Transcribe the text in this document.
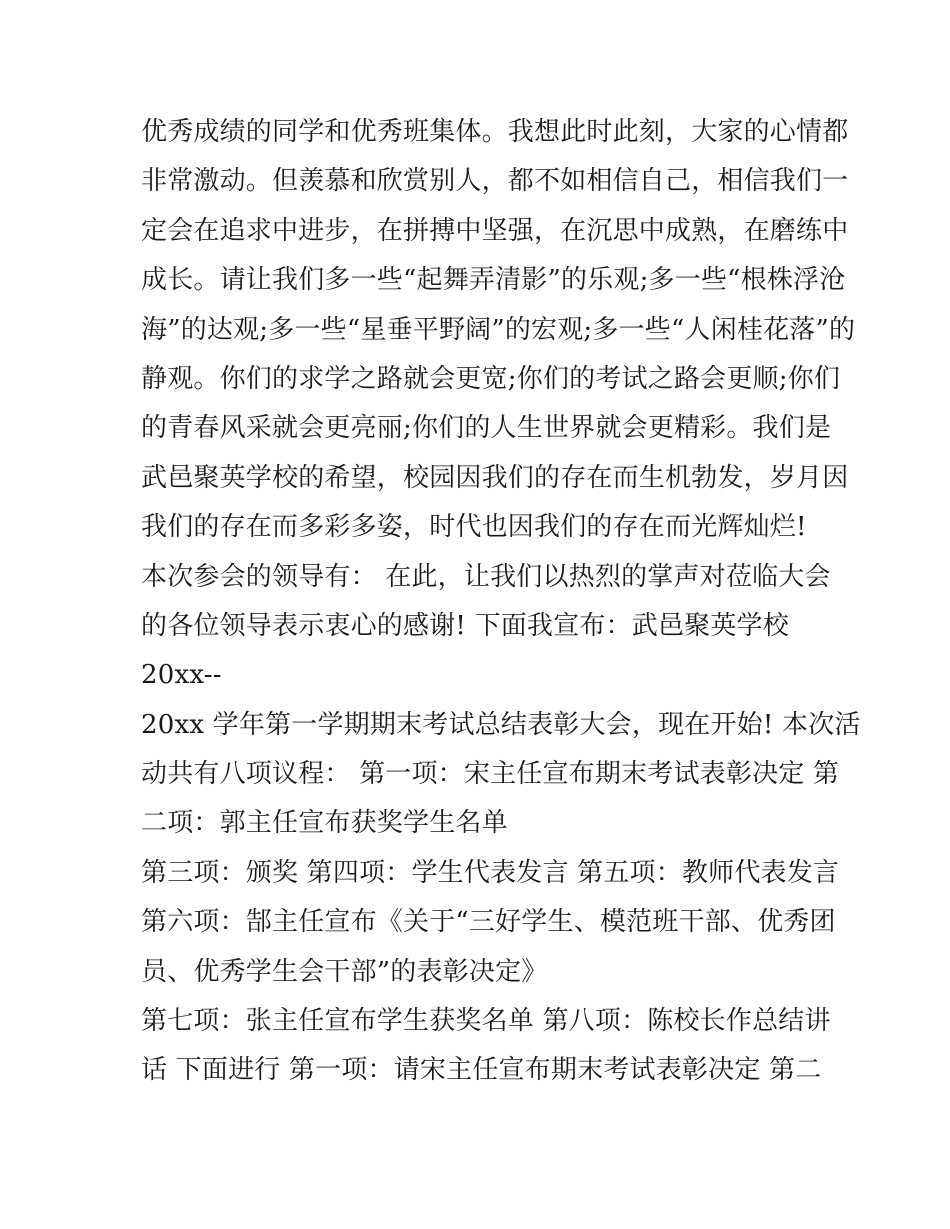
优秀成绩的同学和优秀班集体。我想此时此刻，大家的心情都
非常激动。但羡慕和欣赏别人，都不如相信自己，相信我们一
定会在追求中进步，在拼搏中坚强，在沉思中成熟，在磨练中
成长。请让我们多一些“起舞弄清影”的乐观;多一些“根株浮沧
海”的达观;多一些“星垂平野阔”的宏观;多一些“人闲桂花落”的
静观。你们的求学之路就会更宽;你们的考试之路会更顺;你们
的青春风采就会更亮丽;你们的人生世界就会更精彩。我们是
武邑聚英学校的希望，校园因我们的存在而生机勃发，岁月因
我们的存在而多彩多姿，时代也因我们的存在而光辉灿烂!
本次参会的领导有： 在此，让我们以热烈的掌声对莅临大会
的各位领导表示衷心的感谢! 下面我宣布：武邑聚英学校
20xx--
20xx 学年第一学期期末考试总结表彰大会，现在开始! 本次活
动共有八项议程： 第一项：宋主任宣布期末考试表彰决定 第
二项：郭主任宣布获奖学生名单
第三项：颁奖 第四项：学生代表发言 第五项：教师代表发言
第六项：郜主任宣布《关于“三好学生、模范班干部、优秀团
员、优秀学生会干部”的表彰决定》
第七项：张主任宣布学生获奖名单 第八项：陈校长作总结讲
话 下面进行 第一项：请宋主任宣布期末考试表彰决定 第二
